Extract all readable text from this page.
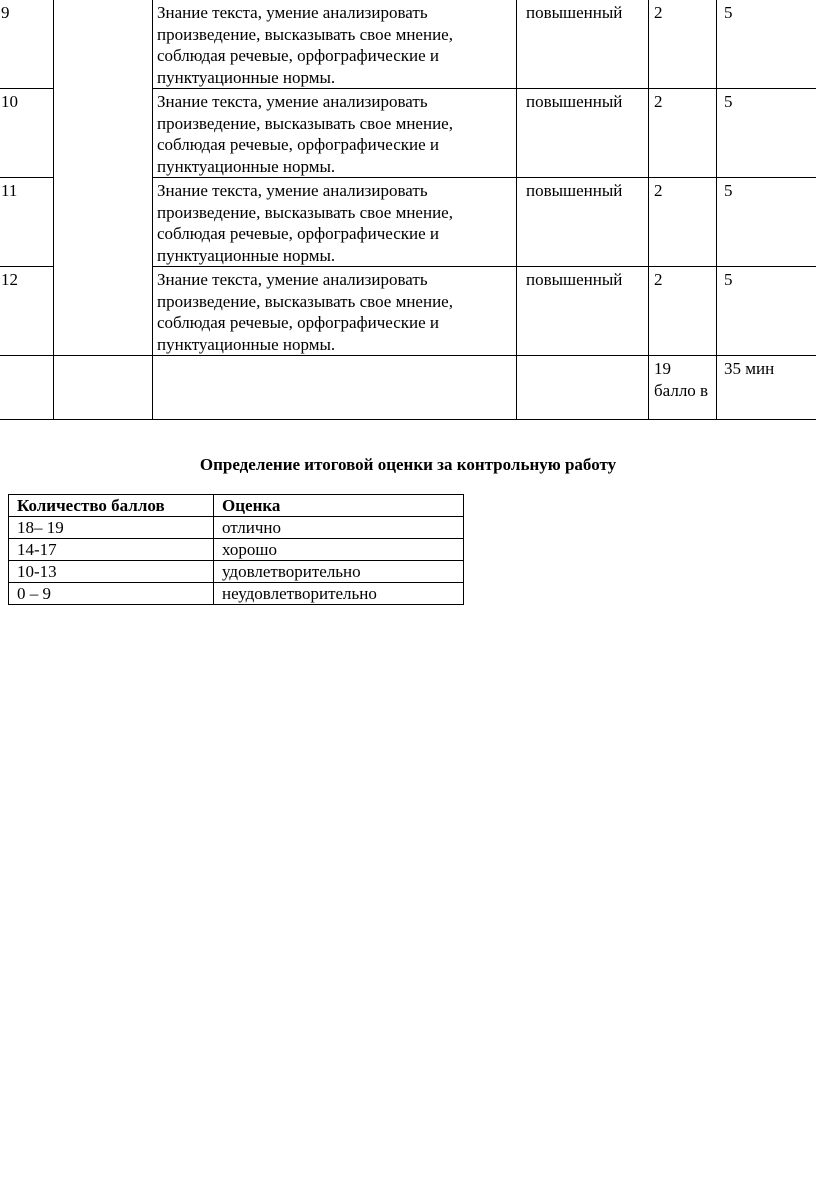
9		Знание текста, умение анализировать произведение, высказывать свое мнение, соблюдая речевые, орфографические и пунктуационные нормы.	повышенный	2	5
10		Знание текста, умение анализировать произведение, высказывать свое мнение, соблюдая речевые, орфографические и пунктуационные нормы.	повышенный	2	5
11		Знание текста, умение анализировать произведение, высказывать свое мнение, соблюдая речевые, орфографические и пунктуационные нормы.	повышенный	2	5
12		Знание текста, умение анализировать произведение, высказывать свое мнение, соблюдая речевые, орфографические и пунктуационные нормы.	повышенный	2	5
				19 балло в	35 мин
Определение итоговой оценки за контрольную работу
Количество баллов	Оценка
18– 19	отлично
14-17	хорошо
10-13	удовлетворительно
0 – 9	неудовлетворительно
